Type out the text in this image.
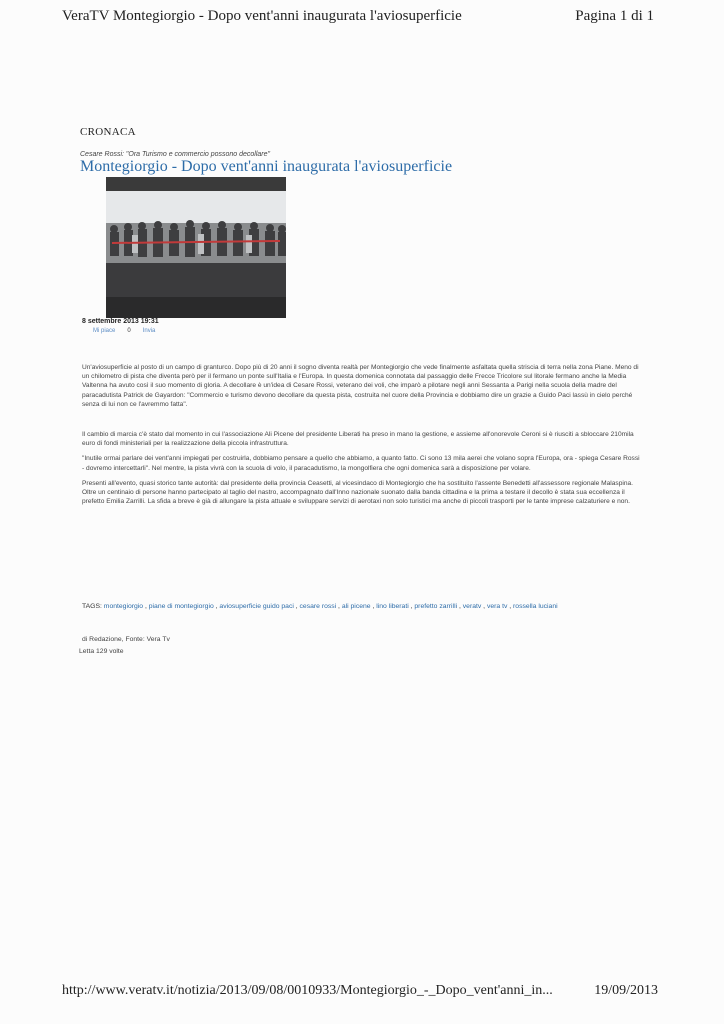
VeraTV Montegiorgio - Dopo vent'anni inaugurata l'aviosuperficie	Pagina 1 di 1
CRONACA
Cesare Rossi: "Ora Turismo e commercio possono decollare"
Montegiorgio - Dopo vent'anni inaugurata l'aviosuperficie
8 settembre 2013 19:31
Mi piace 0 Invia

Un'aviosuperficie al posto di un campo di granturco. Dopo più di 20 anni il sogno diventa realtà per Montegiorgio che vede finalmente asfaltata quella striscia di terra nella zona Piane. Meno di un chilometro di pista che diventa però per il fermano un ponte sull'Italia e l'Europa. In questa domenica connotata dal passaggio delle Frecce Tricolore sul litorale fermano anche la Media Valtenna ha avuto così il suo momento di gloria. A decollare è un'idea di Cesare Rossi, veterano dei voli, che imparò a pilotare negli anni Sessanta a Parigi nella scuola della madre del paracadutista Patrick de Gayardon: "Commercio e turismo devono decollare da questa pista, costruita nel cuore della Provincia e dobbiamo dire un grazie a Guido Paci lassù in cielo perché senza di lui non ce l'avremmo fatta".

Il cambio di marcia c'è stato dal momento in cui l'associazione Ali Picene del presidente Liberati ha preso in mano la gestione, e assieme all'onorevole Ceroni si è riusciti a sbloccare 210mila euro di fondi ministeriali per la realizzazione della piccola infrastruttura.

"Inutile ormai parlare dei vent'anni impiegati per costruirla, dobbiamo pensare a quello che abbiamo, a quanto fatto. Ci sono 13 mila aerei che volano sopra l'Europa, ora - spiega Cesare Rossi - dovremo intercettarli". Nel mentre, la pista vivrà con la scuola di volo, il paracadutismo, la mongolfiera che ogni domenica sarà a disposizione per volare.

Presenti all'evento, quasi storico tante autorità: dal presidente della provincia Ceasetti, al vicesindaco di Montegiorgio che ha sostituito l'assente Benedetti all'assessore regionale Malaspina. Oltre un centinaio di persone hanno partecipato al taglio del nastro, accompagnato dall'Inno nazionale suonato dalla banda cittadina e la prima a testare il decollo è stata sua eccellenza il prefetto Emilia Zarrilli. La sfida a breve è già di allungare la pista attuale e sviluppare servizi di aerotaxi non solo turistici ma anche di piccoli trasporti per le tante imprese calzaturiere e non.

TAGS: montegiorgio , piane di montegiorgio , aviosuperficie guido paci , cesare rossi , ali picene , lino liberati , prefetto zarrilli , veratv , vera tv , rossella luciani
di Redazione, Fonte: Vera Tv
Letta 129 volte
http://www.veratv.it/notizia/2013/09/08/0010933/Montegiorgio_-_Dopo_vent'anni_in...	19/09/2013
